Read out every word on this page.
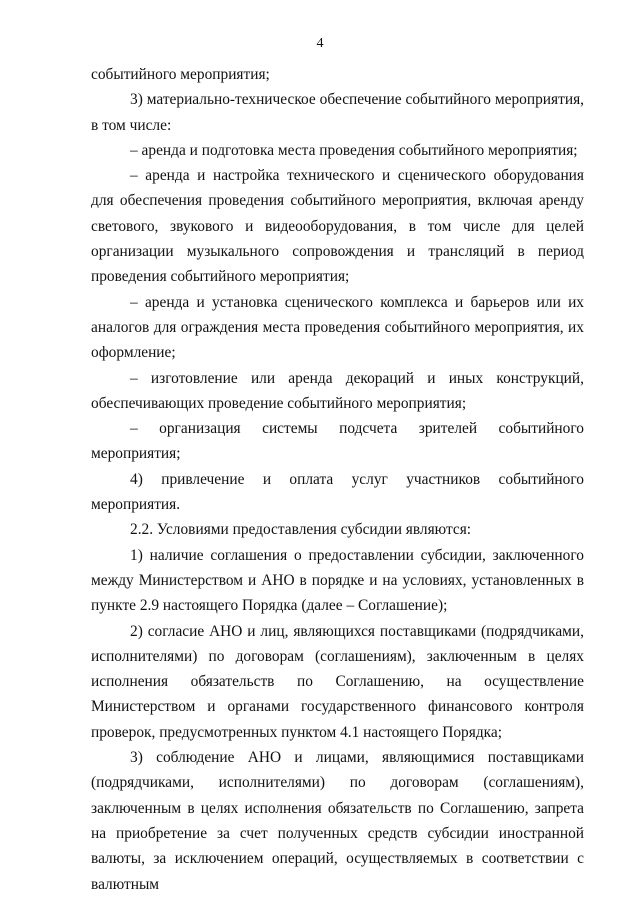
4

событийного мероприятия;

3) материально-техническое обеспечение событийного мероприятия, в том числе:

– аренда и подготовка места проведения событийного мероприятия;

– аренда и настройка технического и сценического оборудования для обеспечения проведения событийного мероприятия, включая аренду светового, звукового и видеооборудования, в том числе для целей организации музыкального сопровождения и трансляций в период проведения событийного мероприятия;

– аренда и установка сценического комплекса и барьеров или их аналогов для ограждения места проведения событийного мероприятия, их оформление;

– изготовление или аренда декораций и иных конструкций, обеспечивающих проведение событийного мероприятия;

– организация системы подсчета зрителей событийного мероприятия;

4) привлечение и оплата услуг участников событийного мероприятия.

2.2. Условиями предоставления субсидии являются:

1) наличие соглашения о предоставлении субсидии, заключенного между Министерством и АНО в порядке и на условиях, установленных в пункте 2.9 настоящего Порядка (далее – Соглашение);

2) согласие АНО и лиц, являющихся поставщиками (подрядчиками, исполнителями) по договорам (соглашениям), заключенным в целях исполнения обязательств по Соглашению, на осуществление Министерством и органами государственного финансового контроля проверок, предусмотренных пунктом 4.1 настоящего Порядка;

3) соблюдение АНО и лицами, являющимися поставщиками (подрядчиками, исполнителями) по договорам (соглашениям), заключенным в целях исполнения обязательств по Соглашению, запрета на приобретение за счет полученных средств субсидии иностранной валюты, за исключением операций, осуществляемых в соответствии с валютным
